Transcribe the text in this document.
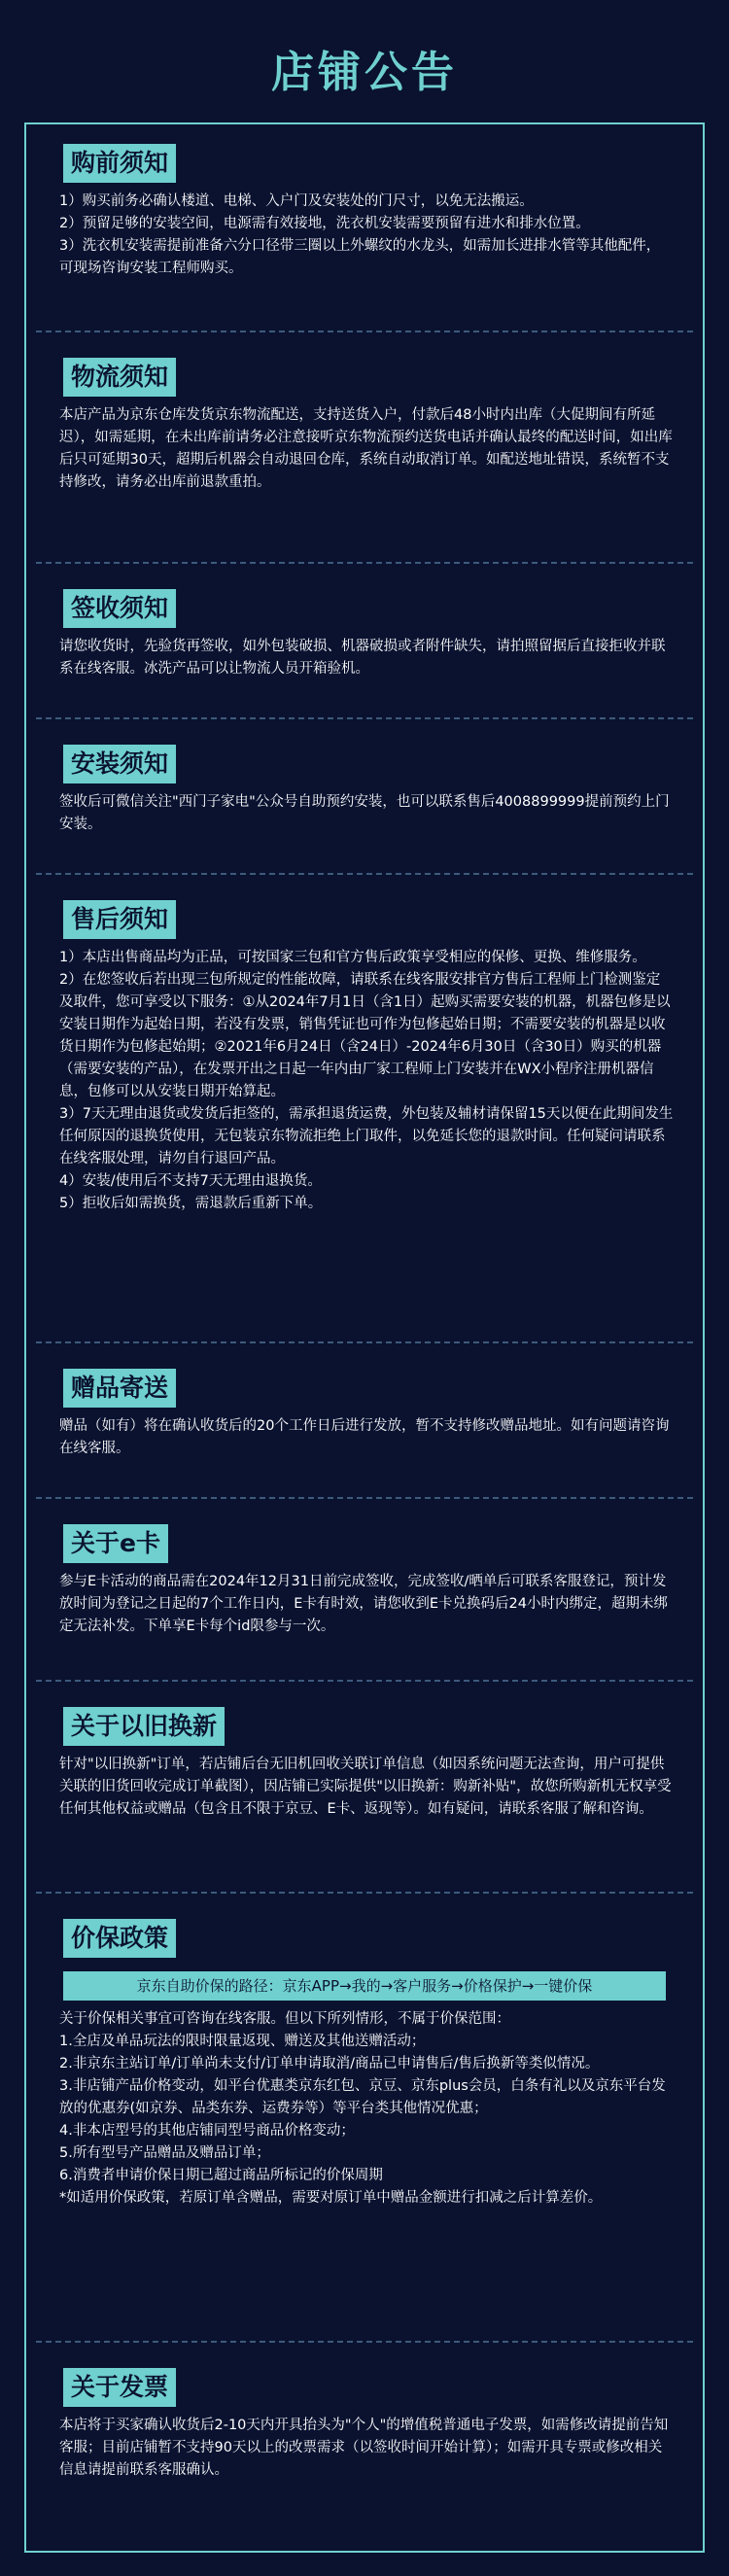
店铺公告
购前须知
1）购买前务必确认楼道、电梯、入户门及安装处的门尺寸，以免无法搬运。
2）预留足够的安装空间，电源需有效接地，洗衣机安装需要预留有进水和排水位置。
3）洗衣机安装需提前准备六分口径带三圈以上外螺纹的水龙头，如需加长进排水管等其他配件，可现场咨询安装工程师购买。
物流须知
本店产品为京东仓库发货京东物流配送，支持送货入户，付款后48小时内出库（大促期间有所延迟），如需延期，在未出库前请务必注意接听京东物流预约送货电话并确认最终的配送时间，如出库后只可延期30天，超期后机器会自动退回仓库，系统自动取消订单。如配送地址错误，系统暂不支持修改，请务必出库前退款重拍。
签收须知
请您收货时，先验货再签收，如外包装破损、机器破损或者附件缺失，请拍照留据后直接拒收并联系在线客服。冰洗产品可以让物流人员开箱验机。
安装须知
签收后可微信关注"西门子家电"公众号自助预约安装，也可以联系售后4008899999提前预约上门安装。
售后须知
1）本店出售商品均为正品，可按国家三包和官方售后政策享受相应的保修、更换、维修服务。
2）在您签收后若出现三包所规定的性能故障，请联系在线客服安排官方售后工程师上门检测鉴定及取件，您可享受以下服务：①从2024年7月1日（含1日）起购买需要安装的机器，机器包修是以安装日期作为起始日期，若没有发票，销售凭证也可作为包修起始日期；不需要安装的机器是以收货日期作为包修起始期；②2021年6月24日（含24日）-2024年6月30日（含30日）购买的机器（需要安装的产品），在发票开出之日起一年内由厂家工程师上门安装并在WX小程序注册机器信息，包修可以从安装日期开始算起。
3）7天无理由退货或发货后拒签的，需承担退货运费，外包装及辅材请保留15天以便在此期间发生任何原因的退换货使用，无包装京东物流拒绝上门取件，以免延长您的退款时间。任何疑问请联系在线客服处理，请勿自行退回产品。
4）安装/使用后不支持7天无理由退换货。
5）拒收后如需换货，需退款后重新下单。
赠品寄送
赠品（如有）将在确认收货后的20个工作日后进行发放，暂不支持修改赠品地址。如有问题请咨询在线客服。
关于e卡
参与E卡活动的商品需在2024年12月31日前完成签收，完成签收/晒单后可联系客服登记，预计发放时间为登记之日起的7个工作日内，E卡有时效，请您收到E卡兑换码后24小时内绑定，超期未绑定无法补发。下单享E卡每个id限参与一次。
关于以旧换新
针对"以旧换新"订单，若店铺后台无旧机回收关联订单信息（如因系统问题无法查询，用户可提供关联的旧货回收完成订单截图），因店铺已实际提供"以旧换新：购新补贴"，故您所购新机无权享受任何其他权益或赠品（包含且不限于京豆、E卡、返现等）。如有疑问，请联系客服了解和咨询。
价保政策
京东自助价保的路径：京东APP→我的→客户服务→价格保护→一键价保
关于价保相关事宜可咨询在线客服。但以下所列情形，不属于价保范围：
1.全店及单品玩法的限时限量返现、赠送及其他送赠活动；
2.非京东主站订单/订单尚未支付/订单申请取消/商品已申请售后/售后换新等类似情况。
3.非店铺产品价格变动，如平台优惠类京东红包、京豆、京东plus会员，白条有礼以及京东平台发放的优惠券(如京券、品类东券、运费券等）等平台类其他情况优惠；
4.非本店型号的其他店铺同型号商品价格变动；
5.所有型号产品赠品及赠品订单；
6.消费者申请价保日期已超过商品所标记的价保周期
*如适用价保政策，若原订单含赠品，需要对原订单中赠品金额进行扣减之后计算差价。
关于发票
本店将于买家确认收货后2-10天内开具抬头为"个人"的增值税普通电子发票，如需修改请提前告知客服；目前店铺暂不支持90天以上的改票需求（以签收时间开始计算）；如需开具专票或修改相关信息请提前联系客服确认。
